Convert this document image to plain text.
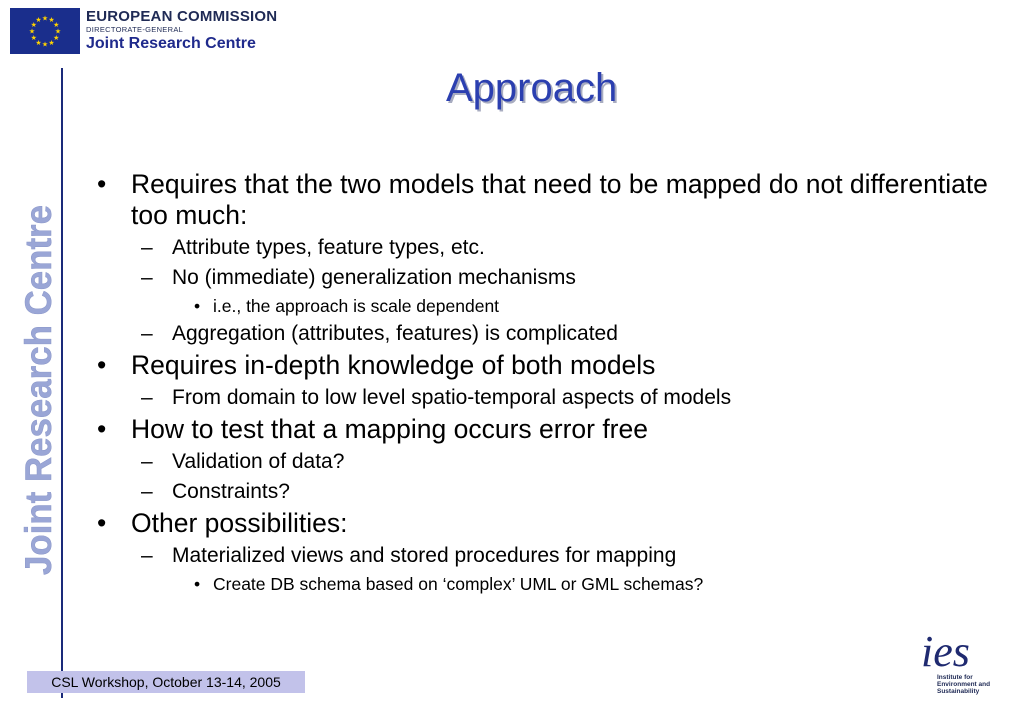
★ ★
★
★
★
★
★
★
★
★
★
★	EUROPEAN COMMISSION
DIRECTORATE-GENERAL
Joint Research Centre
Joint Research Centre
Approach
• Requires that the two models that need to be mapped do not differentiate too much:
– Attribute types, feature types, etc.
– No (immediate) generalization mechanisms
• i.e., the approach is scale dependent
– Aggregation (attributes, features) is complicated
• Requires in-depth knowledge of both models
– From domain to low level spatio-temporal aspects of models
• How to test that a mapping occurs error free
– Validation of data?
– Constraints?
• Other possibilities:
– Materialized views and stored procedures for mapping
• Create DB schema based on ‘complex’ UML or GML schemas?
CSL Workshop, October 13-14, 2005
ies
Institute for
Environment and
Sustainability
